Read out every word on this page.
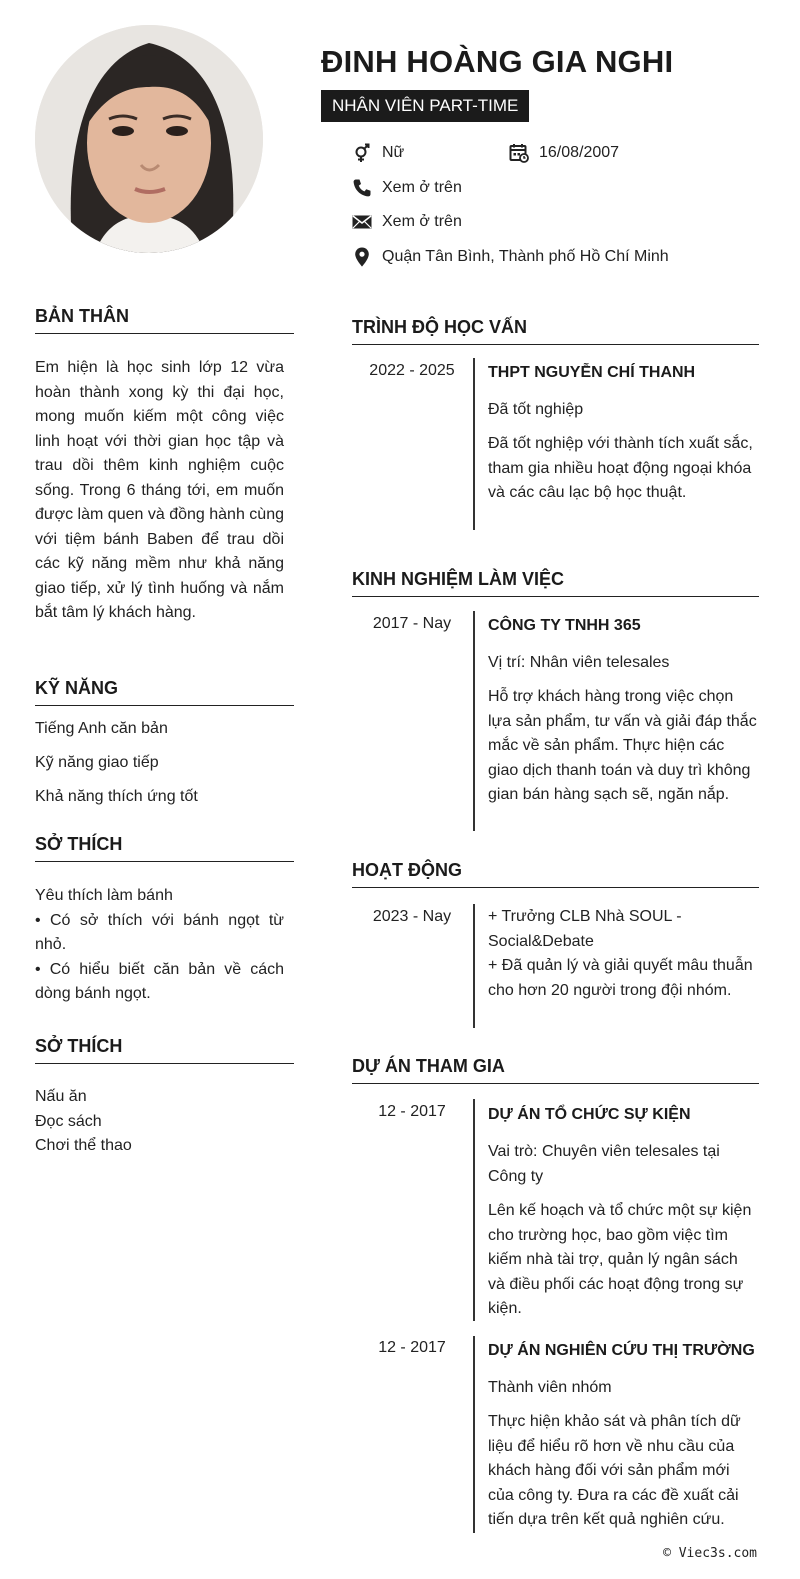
ĐINH HOÀNG GIA NGHI
NHÂN VIÊN PART-TIME
Nữ	16/08/2007
Xem ở trên
Xem ở trên
Quận Tân Bình, Thành phố Hồ Chí Minh
BẢN THÂN
Em hiện là học sinh lớp 12 vừa hoàn thành xong kỳ thi đại học, mong muốn kiếm một công việc linh hoạt với thời gian học tập và trau dồi thêm kinh nghiệm cuộc sống. Trong 6 tháng tới, em muốn được làm quen và đồng hành cùng với tiệm bánh Baben để trau dồi các kỹ năng mềm như khả năng giao tiếp, xử lý tình huống và nắm bắt tâm lý khách hàng.
KỸ NĂNG
Tiếng Anh căn bản
Kỹ năng giao tiếp
Khả năng thích ứng tốt
SỞ THÍCH
Yêu thích làm bánh
• Có sở thích với bánh ngọt từ nhỏ.
• Có hiểu biết căn bản về cách dòng bánh ngọt.
SỞ THÍCH
Nấu ăn
Đọc sách
Chơi thể thao
TRÌNH ĐỘ HỌC VẤN
2022 - 2025	THPT NGUYỄN CHÍ THANH
Đã tốt nghiệp
Đã tốt nghiệp với thành tích xuất sắc, tham gia nhiều hoạt động ngoại khóa và các câu lạc bộ học thuật.
KINH NGHIỆM LÀM VIỆC
2017 - Nay	CÔNG TY TNHH 365
Vị trí: Nhân viên telesales
Hỗ trợ khách hàng trong việc chọn lựa sản phẩm, tư vấn và giải đáp thắc mắc về sản phẩm. Thực hiện các giao dịch thanh toán và duy trì không gian bán hàng sạch sẽ, ngăn nắp.
HOẠT ĐỘNG
2023 - Nay	+ Trưởng CLB Nhà SOUL - Social&Debate
+ Đã quản lý và giải quyết mâu thuẫn cho hơn 20 người trong đội nhóm.
DỰ ÁN THAM GIA
12 - 2017	DỰ ÁN TỔ CHỨC SỰ KIỆN
Vai trò: Chuyên viên telesales tại Công ty
Lên kế hoạch và tổ chức một sự kiện cho trường học, bao gồm việc tìm kiếm nhà tài trợ, quản lý ngân sách và điều phối các hoạt động trong sự kiện.
12 - 2017	DỰ ÁN NGHIÊN CỨU THỊ TRƯỜNG
Thành viên nhóm
Thực hiện khảo sát và phân tích dữ liệu để hiểu rõ hơn về nhu cầu của khách hàng đối với sản phẩm mới của công ty. Đưa ra các đề xuất cải tiến dựa trên kết quả nghiên cứu.
© Viec3s.com
